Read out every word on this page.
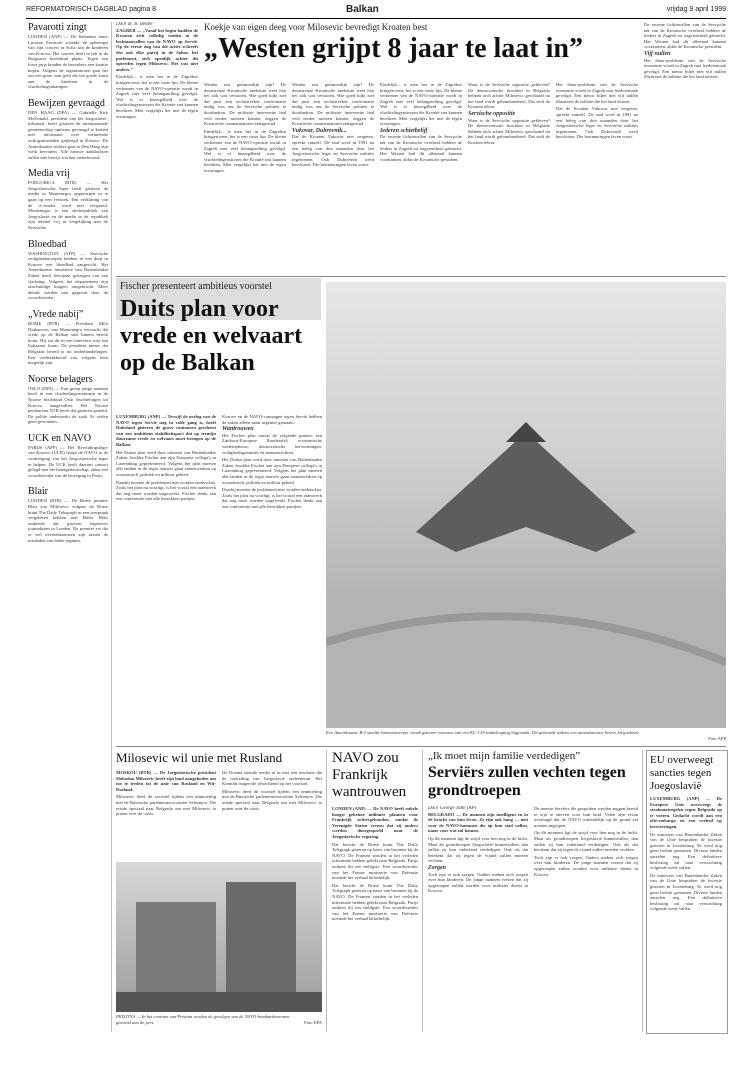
REFORMATORISCH DAGBLAD pagina 8	Balkan	vrijdag 9 april 1999
Pavarotti zingt

LONDEN (ANP) — De Italiaanse tenor Luciano Pavarotti schenkt de opbrengst van zijn concert in Sofia aan de kinderen van Kosovo. Het concert heeft in juli in de Bulgaarse hoofdstad plaats. Tegen een forse prijs konden de bezoekers een kaartje kopen. Volgens de organisatoren gaat het om een grote som geld die ten goede komt aan de kinderen in de vluchtelingenkampen.

Bewijzen gevraagd

DEN HAAG (DPA) — Gabrielle Kirk McDonald, president van het Joegoslavië-tribunaal, heeft gisteren de internationale gemeenschap opnieuw gevraagd te komen met informatie over vermeende oorlogsmisdaden gepleegd in Kosovo. De Amerikaanse rechter gaat in Den Haag zijn werk hervatten. Alle nieuwe aanklachten zullen met bewijs worden onderbouwd.

Media vrij

PODGORICA (RTR) — Het Joegoslavische leger heeft gisteren de media in Montenegro opgeroepen in te gaan op een verzoek. Een verklaring van de tv-zender werd niet verspreid. Montenegro is een deelrepubliek van Joegoslavië en de media in de republiek zijn relatief vrij in vergelijking met de Servische.

Bloedbad

WASHINGTON (AFP) — Servische veiligheidstroepen hebben in een dorp in Kosovo een bloedbad aangericht. Het Amerikaanse ministerie van Buitenlandse Zaken heeft bewijzen gekregen van een slachting. Volgens het departement zijn onschuldige burgers omgebracht. Meer details werden niet gegeven door de woordvoerder.

„Vrede nabij”

ROME (RTR) — President Milo Djukanovic van Montenegro verwacht dat vrede op de Balkan snel binnen bereik komt. Hij zei dit in een interview met een Italiaanse krant. De president meent dat Belgrado bereid is tot onderhandelingen. Een vredesakkoord zou volgens hem mogelijk zijn.

Noorse belagers

OSLO (DPA) — Een groep jonge mannen heeft in een vluchtelingencentrum in de Noorse hoofdstad Oslo vluchtelingen uit Kosovo aangevallen. Het Noorse persbureau NTB heeft dat gisteren gemeld. De politie onderzoekt de zaak. Er vielen geen gewonden.

UCK en NAVO

PARIJS (AFP) — Het Bevrijdingsleger van Kosovo (UCK) hoopt de NAVO in de vernietiging van het Joegoslavische leger te helpen. De UCK heeft daarom contact gelegd met het bondgenootschap, aldus een woordvoerder van de beweging in Parijs.

Blair

LONDEN (RTR) — De Britse premier Blair zou Milosevic volgens de Britse krant The Daily Telegraph in een toespraak vergeleken hebben met Hitler. Blair ontkende dat gisteren tegenover journalisten in Londen. De premier zei dat er wel overeenkomsten zijn tussen de misdaden van beide regimes.

Door dr. B. Belder

ZAGREB — „Vanaf het begin hadden de Kroaten zich volledig vinden in de luchtaanvallen van de NAVO op Servië. Op de eerste dag van die acties schreeft één ook elke partij in de Sabor, het parlement, zich openlijk achter dit optreden tegen Milosevic. Het was niet anders.”

Eindelijk... is men het in de Zagrebse kringen eens: het is een vaste lijn. De kleine verkenner van de NAVO-operatie wordt in Zagreb met veel belangstelling gevolgd. Wel is er bezorgdheid over de vluchtelingenstroom die Kroatië zou kunnen bereiken. Men vergelijkt het met de eigen ervaringen.

Koekje van eigen deeg voor Milosevic bevredigt Kroaten best
„Westen grijpt 8 jaar te laat in”

Westen zou gezamenlijk zijn? De desastreuze Kroatische anekdote weet hoe het ook was verstoten. Wie goed kijkt ziet dat juist een rechtstreekse confrontatie nodig was om de Servische politiek te doorbreken. De militaire interventie had veel eerder moeten komen, zeggen de Kroatische commentatoren eensgezind.

Eindelijk... is men het in de Zagrebse kringen eens: het is een vaste lijn. De kleine verkenner van de NAVO-operatie wordt in Zagreb met veel belangstelling gevolgd. Wel is er bezorgdheid over de vluchtelingenstroom die Kroatië zou kunnen bereiken. Men vergelijkt het met de eigen ervaringen.

Westen zou gezamenlijk zijn? De desastreuze Kroatische anekdote weet hoe het ook was verstoten. Wie goed kijkt ziet dat juist een rechtstreekse confrontatie nodig was om de Servische politiek te doorbreken. De militaire interventie had veel eerder moeten komen, zeggen de Kroatische commentatoren eensgezind.

Vukovar, Dubrovnik...

Dat de Kroaten Vukovar niet vergeten, spreekt vanzelf. De stad werd in 1991 na een beleg van drie maanden door het Joegoslavische leger en Servische milities ingenomen. Ook Dubrovnik werd beschoten. Die herinneringen leven voort.

Eindelijk... is men het in de Zagrebse kringen eens: het is een vaste lijn. De kleine verkenner van de NAVO-operatie wordt in Zagreb met veel belangstelling gevolgd. Wel is er bezorgdheid over de vluchtelingenstroom die Kroatië zou kunnen bereiken. Men vergelijkt het met de eigen ervaringen.

Iederen schietbelijf

De recente lichtinvallen van de Servische tak van de Kroatische overheid hebben de leiders in Zagreb tot ongerustheid gebracht. Het Westen had dit allemaal kunnen voorkomen, aldus de Kroatische president.

Waar is de Servische oppositie gebleven? De democratische krachten in Belgrado hebben zich achter Milosevic geschaard nu het land wordt gebombardeerd. Dat stelt de Kroaten teleur.

Servische oppositie

Waar is de Servische oppositie gebleven? De democratische krachten in Belgrado hebben zich achter Milosevic geschaard nu het land wordt gebombardeerd. Dat stelt de Kroaten teleur.

Het dinar-probleem van de Servische economie wordt in Zagreb met leedvermaak gevolgd. Een nieuw biljet met vijf nullen illustreert de inflatie die het land teistert.

Dat de Kroaten Vukovar niet vergeten, spreekt vanzelf. De stad werd in 1991 na een beleg van drie maanden door het Joegoslavische leger en Servische milities ingenomen. Ook Dubrovnik werd beschoten. Die herinneringen leven voort.

De recente lichtinvallen van de Servische tak van de Kroatische overheid hebben de leiders in Zagreb tot ongerustheid gebracht. Het Westen had dit allemaal kunnen voorkomen, aldus de Kroatische president.

Vijf nullen

Het dinar-probleem van de Servische economie wordt in Zagreb met leedvermaak gevolgd. Een nieuw biljet met vijf nullen illustreert de inflatie die het land teistert.

Fischer presenteert ambitieus voorstel
Duits plan voor vrede en welvaart op de Balkan

LUXEMBURG (ANP) — Terwijl de oorlog van de NAVO tegen Servië nog in volle gang is, heeft Duitsland gisteren de grove contouren geschetst van een ambitieus stabiliteitspact dat op termijn duurzame vrede en welvaart moet brengen op de Balkan.

Het Duitse plan werd door minister van Buitenlandse Zaken Joschka Fischer aan zijn Europese collega's in Luxemburg gepresenteerd. Volgens het plan moeten alle landen in de regio nauwer gaan samenwerken op economisch, politiek en militair gebied.

Daarbij moeten de problemen niet worden onderschat. Zoals het plan nu voorligt, is het vooral een raamwerk dat nog moet worden uitgewerkt. Fischer denkt aan een conferentie met alle betrokken partijen.

Kosovo en de NAVO-campagne tegen Servië hebben de zaken alleen maar urgenter gemaakt.

Wantrouwen

Het Fischer plan omvat de volgende punten: een Zuidoost-Europese Rondetafel; economische wederopbouw; democratische hervormingen; veiligheidsgaranties en mensenrechten.

Het Duitse plan werd door minister van Buitenlandse Zaken Joschka Fischer aan zijn Europese collega's in Luxemburg gepresenteerd. Volgens het plan moeten alle landen in de regio nauwer gaan samenwerken op economisch, politiek en militair gebied.

Daarbij moeten de problemen niet worden onderschat. Zoals het plan nu voorligt, is het vooral een raamwerk dat nog moet worden uitgewerkt. Fischer denkt aan een conferentie met alle betrokken partijen.

Een Amerikaanse B-2 stealth bommenwerper wordt gisteren voorzien van een KC-135-tankvliegtuig bijgetankt. Dit gebeurde tijdens een aanvalsmissie boven Joegoslavië.
Foto AFP
Milosevic wil unie met Rusland

MOSKOU (RTR) — De Joegoslavische president Slobodan Milosevic heeft zijn land aangeboden om toe te treden tot de unie van Rusland en Wit-Rusland.

Milosevic deed dit voorstel tijdens een ontmoeting met de Russische parlementsvoorzitter Seleznjov. Die reisde speciaal naar Belgrado om met Milosevic te praten over de crisis.

De Doema stemde eerder al in met een resolutie die de toetreding van Joegoslavië ondersteunt. Het Kremlin reageerde afwachtend op het voorstel.

Milosevic deed dit voorstel tijdens een ontmoeting met de Russische parlementsvoorzitter Seleznjov. Die reisde speciaal naar Belgrado om met Milosevic te praten over de crisis.

PRISTINA — In het centrum van Pristina worden de gevolgen van de NAVO-bombardementen getoond aan de pers.	Foto EPA
NAVO zou Frankrijk wantrouwen

LONDEN (ANP) — De NAVO heeft enkele hoogst geheime militaire plannen voor Frankrijk achtergehouden, omdat de Verenigde Staten vrezen dat zij anders worden doorgespeeld naar de Joegoslavische regering.

Dat bericht de Britse krant The Daily Telegraph gisteren op basis van bronnen bij de NAVO. De Fransen zouden in het verleden informatie hebben gelekt naar Belgrado. Parijs ontkent dit ten stelligste. Een woordvoerder van het Franse ministerie van Defensie noemde het verhaal belachelijk.

Dat bericht de Britse krant The Daily Telegraph gisteren op basis van bronnen bij de NAVO. De Fransen zouden in het verleden informatie hebben gelekt naar Belgrado. Parijs ontkent dit ten stelligste. Een woordvoerder van het Franse ministerie van Defensie noemde het verhaal belachelijk.

„Ik moet mijn familie verdedigen”
Serviërs zullen vechten tegen grondtroepen
Door George Jahn (AP)

BELGRADO — De mannen zijn intelligent en in de kracht van hun leven. Ze zijn ook bang — niet voor de NAVO-bommen die op hun stad vallen, maar voor wat zal komen.

Op dit moment ligt de strijd voor hen nog in de lucht. Maar als grondtroepen Joegoslavië binnenvallen, dan zullen zij hun vaderland verdedigen. Ook als dat betekent dat zij tegen de vijand zullen moeten vechten.

Zorgen

Toch zijn er ook zorgen. Ouders maken zich zorgen over hun kinderen. De jonge mannen vrezen dat zij opgeroepen zullen worden voor militaire dienst in Kosovo.

De meeste Serviërs die gesproken werden zeggen bereid te zijn te sterven voor hun land. Velen zijn ervan overtuigd dat de NAVO uiteindelijk op de grond zal moeten ingrijpen.

Op dit moment ligt de strijd voor hen nog in de lucht. Maar als grondtroepen Joegoslavië binnenvallen, dan zullen zij hun vaderland verdedigen. Ook als dat betekent dat zij tegen de vijand zullen moeten vechten.

Toch zijn er ook zorgen. Ouders maken zich zorgen over hun kinderen. De jonge mannen vrezen dat zij opgeroepen zullen worden voor militaire dienst in Kosovo.

EU overweegt sancties tegen Joegoslavië

LUXEMBURG (ANP) — De Europese Unie overweegt de strafmaatregelen tegen Belgrado op te voeren. Gedacht wordt aan een olie-embargo en een verbod op investeringen.

De ministers van Buitenlandse Zaken van de Unie bespraken de kwestie gisteren in Luxemburg. Er werd nog geen besluit genomen. Diverse landen aarzelen nog. Een definitieve beslissing zal naar verwachting volgende week vallen.

De ministers van Buitenlandse Zaken van de Unie bespraken de kwestie gisteren in Luxemburg. Er werd nog geen besluit genomen. Diverse landen aarzelen nog. Een definitieve beslissing zal naar verwachting volgende week vallen.
